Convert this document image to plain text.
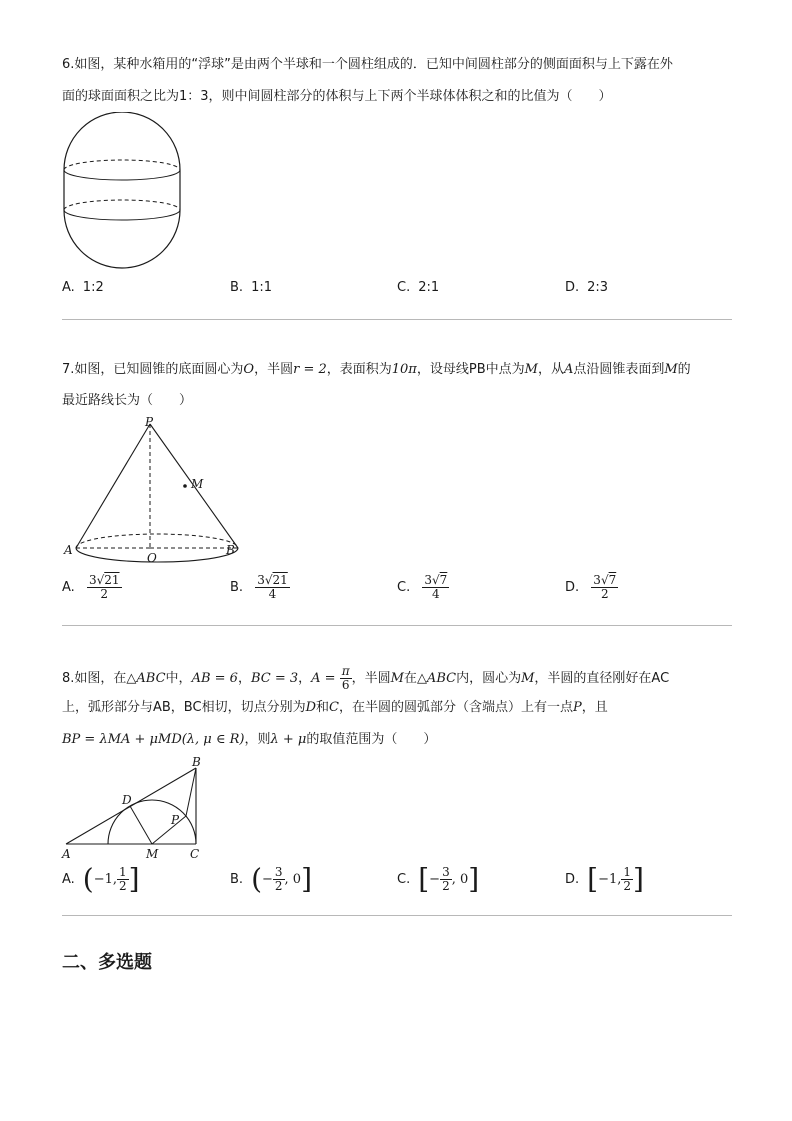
6.如图，某种水箱用的“浮球”是由两个半球和一个圆柱组成的．已知中间圆柱部分的侧面面积与上下露在外
面的球面面积之比为1：3，则中间圆柱部分的体积与上下两个半球体体积之和的比值为（　　）
A. 1:2	B. 1:1	C. 2:1	D. 2:3
7.如图，已知圆锥的底面圆心为O，半圆r = 2，表面积为10π，设母线PB中点为M，从A点沿圆锥表面到M的
最近路线长为（　　）
P
M
A
O
B
A. $\frac{3√21}{2}$	B. $\frac{3√21}{4}$	C. $\frac{3√7}{4}$	D. $\frac{3√7}{2}$
8.如图，在△ABC中，AB = 6，BC = 3，$A = \frac{\pi}{6}$ ，半圆M在△ABC内，圆心为M，半圆的直径刚好在AC
上，弧形部分与AB，BC相切，切点分别为D和C，在半圆的圆弧部分（含端点）上有一点P，且
BP = λMA + μMD(λ, μ ∈ R)，则λ + μ的取值范围为（　　）
B
D
P
A	M	C
A. (−1, $\frac{1}{2}$ ]	B. (− $\frac{3}{2}$ , 0]	C. [− $\frac{3}{2}$ , 0]	D. [−1, $\frac{1}{2}$ ]
二、多选题
